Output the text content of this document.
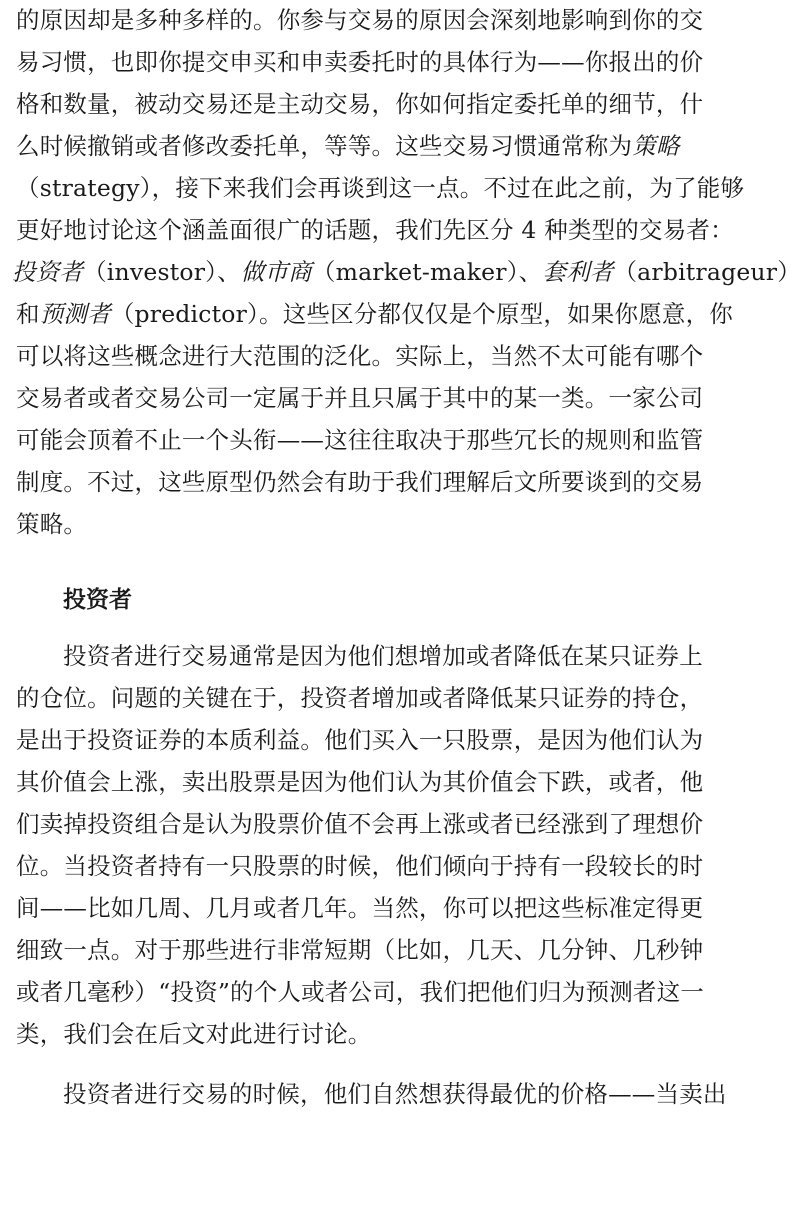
的原因却是多种多样的。你参与交易的原因会深刻地影响到你的交
易习惯，也即你提交申买和申卖委托时的具体行为——你报出的价
格和数量，被动交易还是主动交易，你如何指定委托单的细节，什
么时候撤销或者修改委托单，等等。这些交易习惯通常称为策略
（strategy），接下来我们会再谈到这一点。不过在此之前，为了能够
更好地讨论这个涵盖面很广的话题，我们先区分 4 种类型的交易者：
投资者（investor）、做市商（market-maker）、套利者（arbitrageur）
和预测者（predictor）。这些区分都仅仅是个原型，如果你愿意，你
可以将这些概念进行大范围的泛化。实际上，当然不太可能有哪个
交易者或者交易公司一定属于并且只属于其中的某一类。一家公司
可能会顶着不止一个头衔——这往往取决于那些冗长的规则和监管
制度。不过，这些原型仍然会有助于我们理解后文所要谈到的交易
策略。
投资者
投资者进行交易通常是因为他们想增加或者降低在某只证券上
的仓位。问题的关键在于，投资者增加或者降低某只证券的持仓，
是出于投资证券的本质利益。他们买入一只股票，是因为他们认为
其价值会上涨，卖出股票是因为他们认为其价值会下跌，或者，他
们卖掉投资组合是认为股票价值不会再上涨或者已经涨到了理想价
位。当投资者持有一只股票的时候，他们倾向于持有一段较长的时
间——比如几周、几月或者几年。当然，你可以把这些标准定得更
细致一点。对于那些进行非常短期（比如，几天、几分钟、几秒钟
或者几毫秒）“投资”的个人或者公司，我们把他们归为预测者这一
类，我们会在后文对此进行讨论。
投资者进行交易的时候，他们自然想获得最优的价格——当卖出
